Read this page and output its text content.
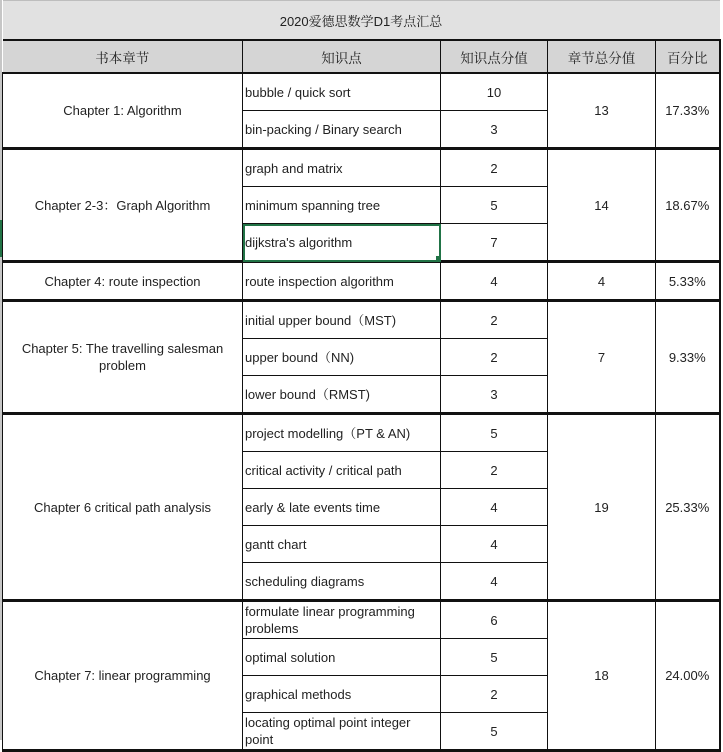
2020爱德思数学D1考点汇总				
书本章节	知识点	知识点分值	章节总分值	百分比
Chapter 1: Algorithm	bubble / quick sort	10	13	17.33%
	bin-packing / Binary search	3		
Chapter 2-3：Graph Algorithm	graph and matrix	2	14	18.67%
	minimum spanning tree	5		
	dijkstra's algorithm	7		
Chapter 4: route inspection	route inspection algorithm	4	4	5.33%
Chapter 5: The travelling salesman problem	initial upper bound（MST)	2	7	9.33%
	upper bound（NN)	2		
	lower bound（RMST)	3		
Chapter 6 critical path analysis	project modelling（PT & AN)	5	19	25.33%
	critical activity / critical path	2		
	early & late events time	4		
	gantt chart	4		
	scheduling diagrams	4		
Chapter 7: linear programming	formulate linear programming problems	6	18	24.00%
	optimal solution	5		
	graphical methods	2		
	locating optimal point integer point	5		
